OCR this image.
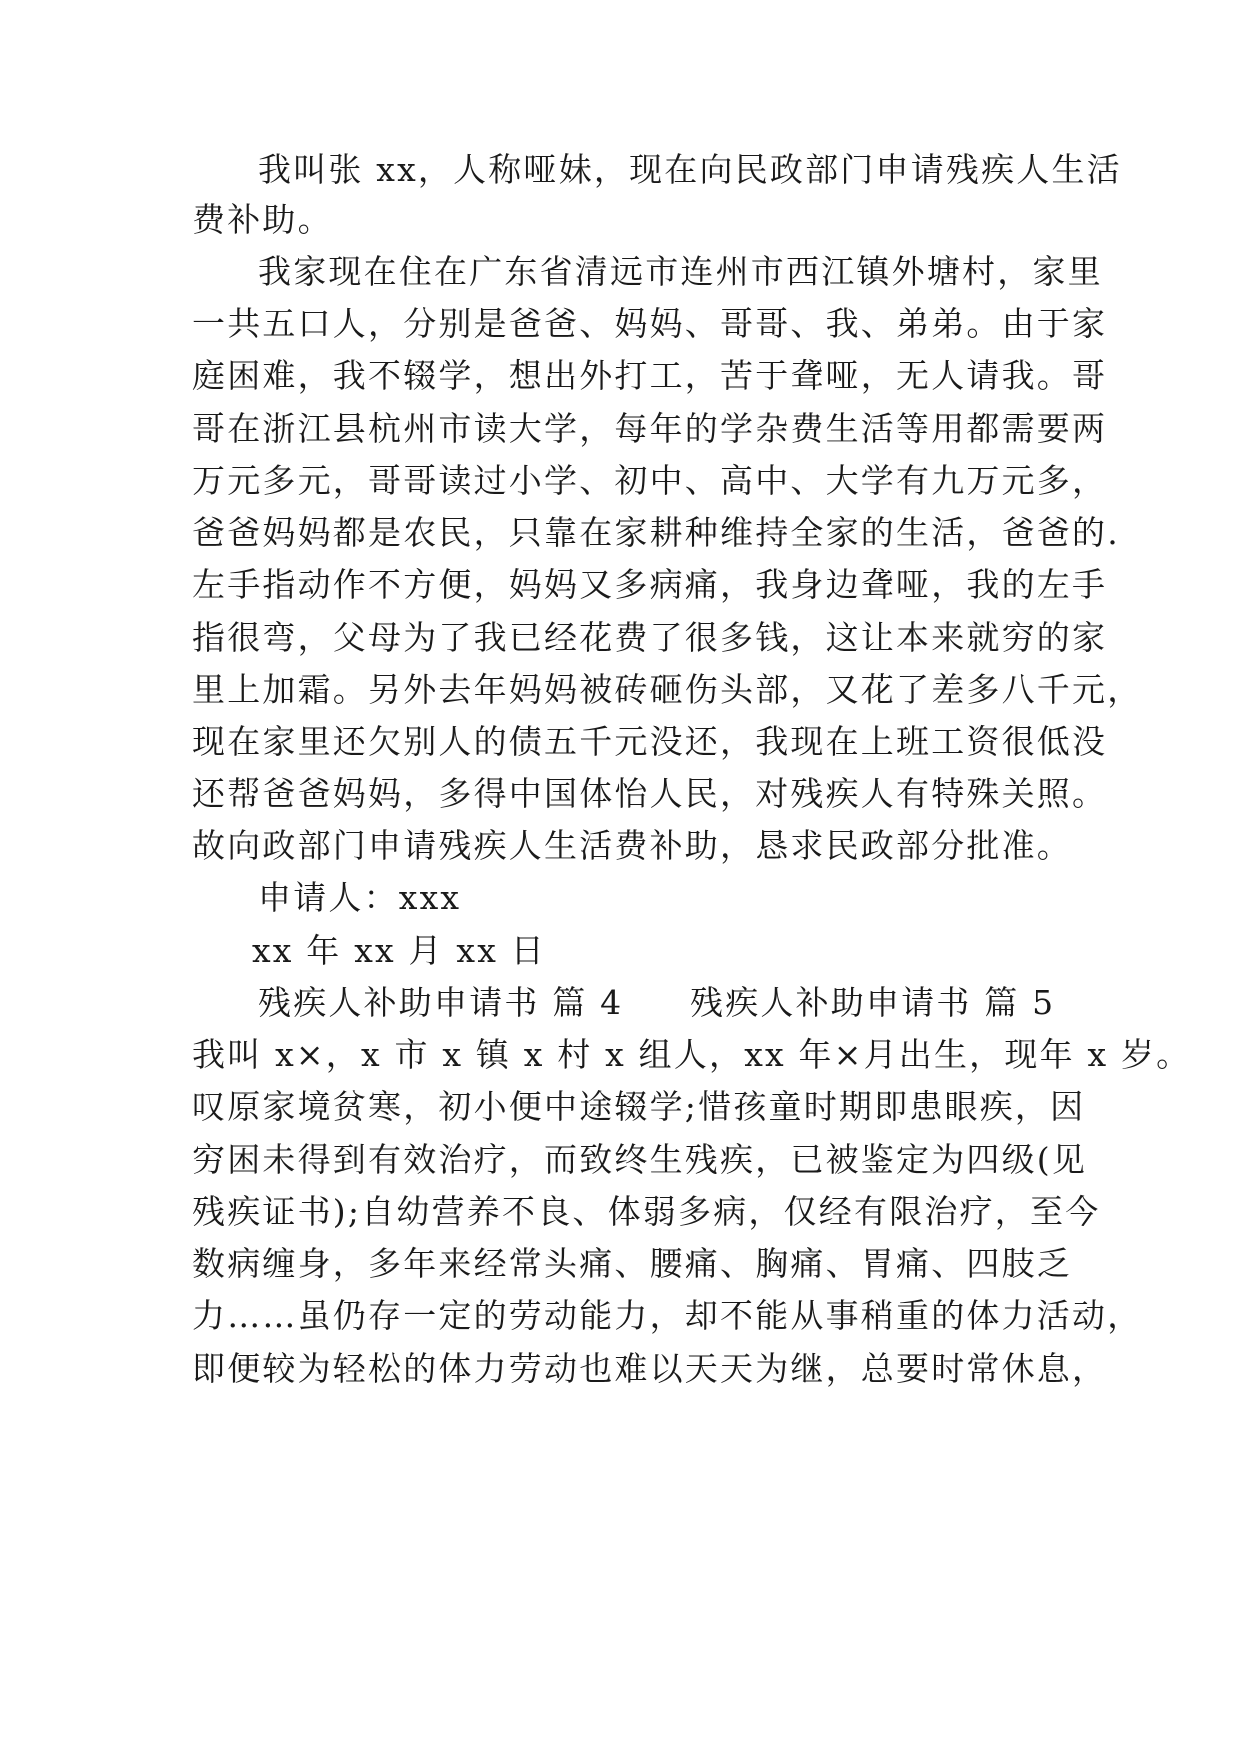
我叫张 xx，人称哑妹，现在向民政部门申请残疾人生活
费补助。
我家现在住在广东省清远市连州市西江镇外塘村，家里
一共五口人，分别是爸爸、妈妈、哥哥、我、弟弟。由于家
庭困难，我不辍学，想出外打工，苦于聋哑，无人请我。哥
哥在浙江县杭州市读大学，每年的学杂费生活等用都需要两
万元多元，哥哥读过小学、初中、高中、大学有九万元多，
爸爸妈妈都是农民，只靠在家耕种维持全家的生活，爸爸的.
左手指动作不方便，妈妈又多病痛，我身边聋哑，我的左手
指很弯，父母为了我已经花费了很多钱，这让本来就穷的家
里上加霜。另外去年妈妈被砖砸伤头部，又花了差多八千元，
现在家里还欠别人的债五千元没还，我现在上班工资很低没
还帮爸爸妈妈，多得中国体怡人民，对残疾人有特殊关照。
故向政部门申请残疾人生活费补助，恳求民政部分批准。
申请人：xxx
xx 年 xx 月 xx 日
残疾人补助申请书 篇 4	残疾人补助申请书 篇 5
我叫 x×，x 市 x 镇 x 村 x 组人，xx 年×月出生，现年 x 岁。
叹原家境贫寒，初小便中途辍学;惜孩童时期即患眼疾，因
穷困未得到有效治疗，而致终生残疾，已被鉴定为四级(见
残疾证书);自幼营养不良、体弱多病，仅经有限治疗，至今
数病缠身，多年来经常头痛、腰痛、胸痛、胃痛、四肢乏
力……虽仍存一定的劳动能力，却不能从事稍重的体力活动，
即便较为轻松的体力劳动也难以天天为继，总要时常休息，
